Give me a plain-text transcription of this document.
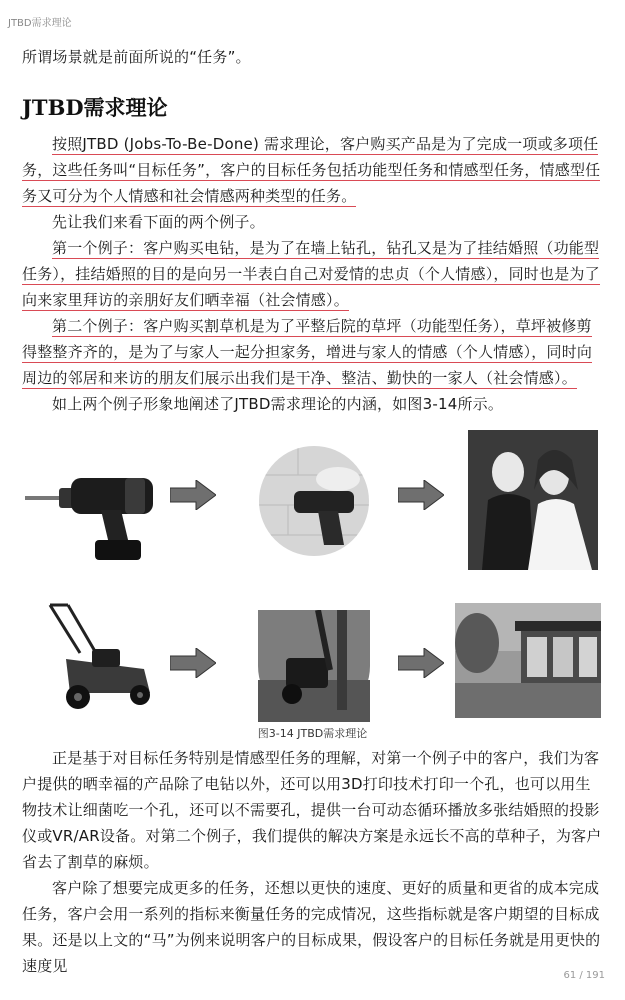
JTBD需求理论

所谓场景就是前面所说的“任务”。

JTBD需求理论

按照JTBD (Jobs-To-Be-Done) 需求理论，客户购买产品是为了完成一项或多项任务，这些任务叫“目标任务”，客户的目标任务包括功能型任务和情感型任务，情感型任务又可分为个人情感和社会情感两种类型的任务。

先让我们来看下面的两个例子。

第一个例子：客户购买电钻，是为了在墙上钻孔，钻孔又是为了挂结婚照（功能型任务），挂结婚照的目的是向另一半表白自己对爱情的忠贞（个人情感），同时也是为了向来家里拜访的亲朋好友们晒幸福（社会情感）。

第二个例子：客户购买割草机是为了平整后院的草坪（功能型任务），草坪被修剪得整整齐齐的，是为了与家人一起分担家务，增进与家人的情感（个人情感），同时向周边的邻居和来访的朋友们展示出我们是干净、整洁、勤快的一家人（社会情感）。

如上两个例子形象地阐述了JTBD需求理论的内涵，如图3-14所示。

图3-14 JTBD需求理论

正是基于对目标任务特别是情感型任务的理解，对第一个例子中的客户，我们为客户提供的晒幸福的产品除了电钻以外，还可以用3D打印技术打印一个孔，也可以用生物技术让细菌吃一个孔，还可以不需要孔，提供一台可动态循环播放多张结婚照的投影仪或VR/AR设备。对第二个例子，我们提供的解决方案是永远长不高的草种子，为客户省去了割草的麻烦。

客户除了想要完成更多的任务，还想以更快的速度、更好的质量和更省的成本完成任务，客户会用一系列的指标来衡量任务的完成情况，这些指标就是客户期望的目标成果。还是以上文的“马”为例来说明客户的目标成果，假设客户的目标任务就是用更快的速度见

61 / 191
